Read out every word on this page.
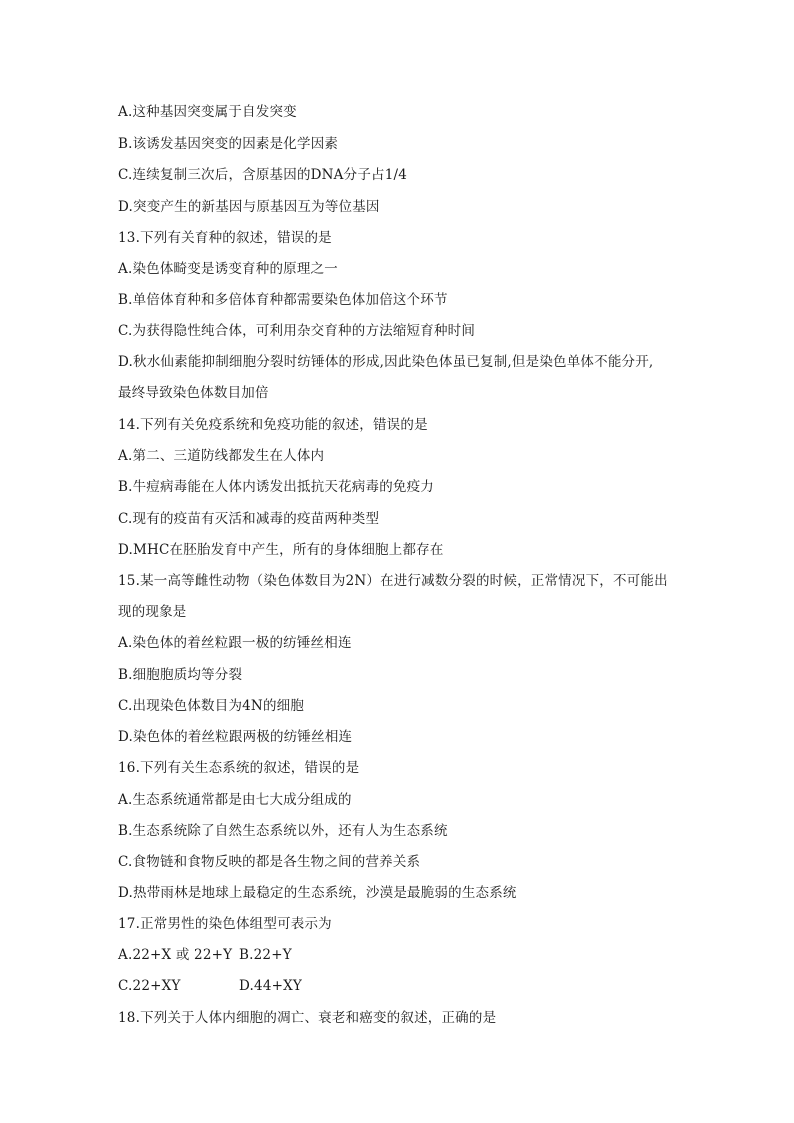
A.这种基因突变属于自发突变
B.该诱发基因突变的因素是化学因素
C.连续复制三次后，含原基因的DNA分子占1/4
D.突变产生的新基因与原基因互为等位基因
13.下列有关育种的叙述，错误的是
A.染色体畸变是诱变育种的原理之一
B.单倍体育种和多倍体育种都需要染色体加倍这个环节
C.为获得隐性纯合体，可利用杂交育种的方法缩短育种时间
D.秋水仙素能抑制细胞分裂时纺锤体的形成,因此染色体虽已复制,但是染色单体不能分开,
最终导致染色体数目加倍
14.下列有关免疫系统和免疫功能的叙述，错误的是
A.第二、三道防线都发生在人体内
B.牛痘病毒能在人体内诱发出抵抗天花病毒的免疫力
C.现有的疫苗有灭活和减毒的疫苗两种类型
D.MHC在胚胎发育中产生，所有的身体细胞上都存在
15.某一高等雌性动物（染色体数目为2N）在进行减数分裂的时候，正常情况下，不可能出
现的现象是
A.染色体的着丝粒跟一极的纺锤丝相连
B.细胞胞质均等分裂
C.出现染色体数目为4N的细胞
D.染色体的着丝粒跟两极的纺锤丝相连
16.下列有关生态系统的叙述，错误的是
A.生态系统通常都是由七大成分组成的
B.生态系统除了自然生态系统以外，还有人为生态系统
C.食物链和食物反映的都是各生物之间的营养关系
D.热带雨林是地球上最稳定的生态系统，沙漠是最脆弱的生态系统
17.正常男性的染色体组型可表示为
A.22+X 或 22+Y B.22+Y
C.22+XY	D.44+XY
18.下列关于人体内细胞的凋亡、衰老和癌变的叙述，正确的是
